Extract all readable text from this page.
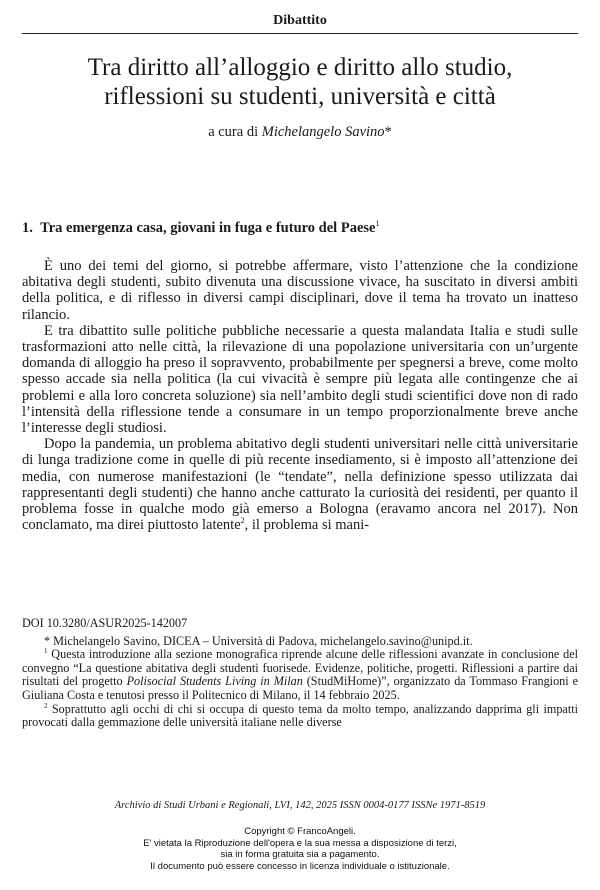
Dibattito
Tra diritto all’alloggio e diritto allo studio,
riflessioni su studenti, università e città
a cura di Michelangelo Savino*
1. Tra emergenza casa, giovani in fuga e futuro del Paese$^1$

È uno dei temi del giorno, si potrebbe affermare, visto l’attenzione che la condizione abitativa degli studenti, subito divenuta una discussione vivace, ha suscitato in diversi ambiti della politica, e di riflesso in diversi campi disciplinari, dove il tema ha trovato un inatteso rilancio.

E tra dibattito sulle politiche pubbliche necessarie a questa malandata Italia e studi sulle trasformazioni atto nelle città, la rilevazione di una popolazione universitaria con un’urgente domanda di alloggio ha preso il sopravvento, probabilmente per spegnersi a breve, come molto spesso accade sia nella politica (la cui vivacità è sempre più legata alle contingenze che ai problemi e alla loro concreta soluzione) sia nell’ambito degli studi scientifici dove non di rado l’intensità della riflessione tende a consumare in un tempo proporzionalmente breve anche l’interesse degli studiosi.

Dopo la pandemia, un problema abitativo degli studenti universitari nelle città universitarie di lunga tradizione come in quelle di più recente insediamento, si è imposto all’attenzione dei media, con numerose manifestazioni (le “tendate”, nella definizione spesso utilizzata dai rappresentanti degli studenti) che hanno anche catturato la curiosità dei residenti, per quanto il problema fosse in qualche modo già emerso a Bologna (eravamo ancora nel 2017). Non conclamato, ma direi piuttosto latente$^2$, il problema si mani-

DOI 10.3280/ASUR2025-142007

* Michelangelo Savino, DICEA – Università di Padova, michelangelo.savino@unipd.it.

$^1$ Questa introduzione alla sezione monografica riprende alcune delle riflessioni avanzate in conclusione del convegno “La questione abitativa degli studenti fuorisede. Evidenze, politiche, progetti. Riflessioni a partire dai risultati del progetto Polisocial Students Living in Milan (StudMiHome)”, organizzato da Tommaso Frangioni e Giuliana Costa e tenutosi presso il Politecnico di Milano, il 14 febbraio 2025.

$^2$ Soprattutto agli occhi di chi si occupa di questo tema da molto tempo, analizzando dapprima gli impatti provocati dalla gemmazione delle università italiane nelle diverse

Archivio di Studi Urbani e Regionali, LVI, 142, 2025 ISSN 0004-0177 ISSNe 1971-8519
Copyright © FrancoAngeli.
E' vietata la Riproduzione dell'opera e la sua messa a disposizione di terzi,
sia in forma gratuita sia a pagamento.
Il documento può essere concesso in licenza individuale o istituzionale.
